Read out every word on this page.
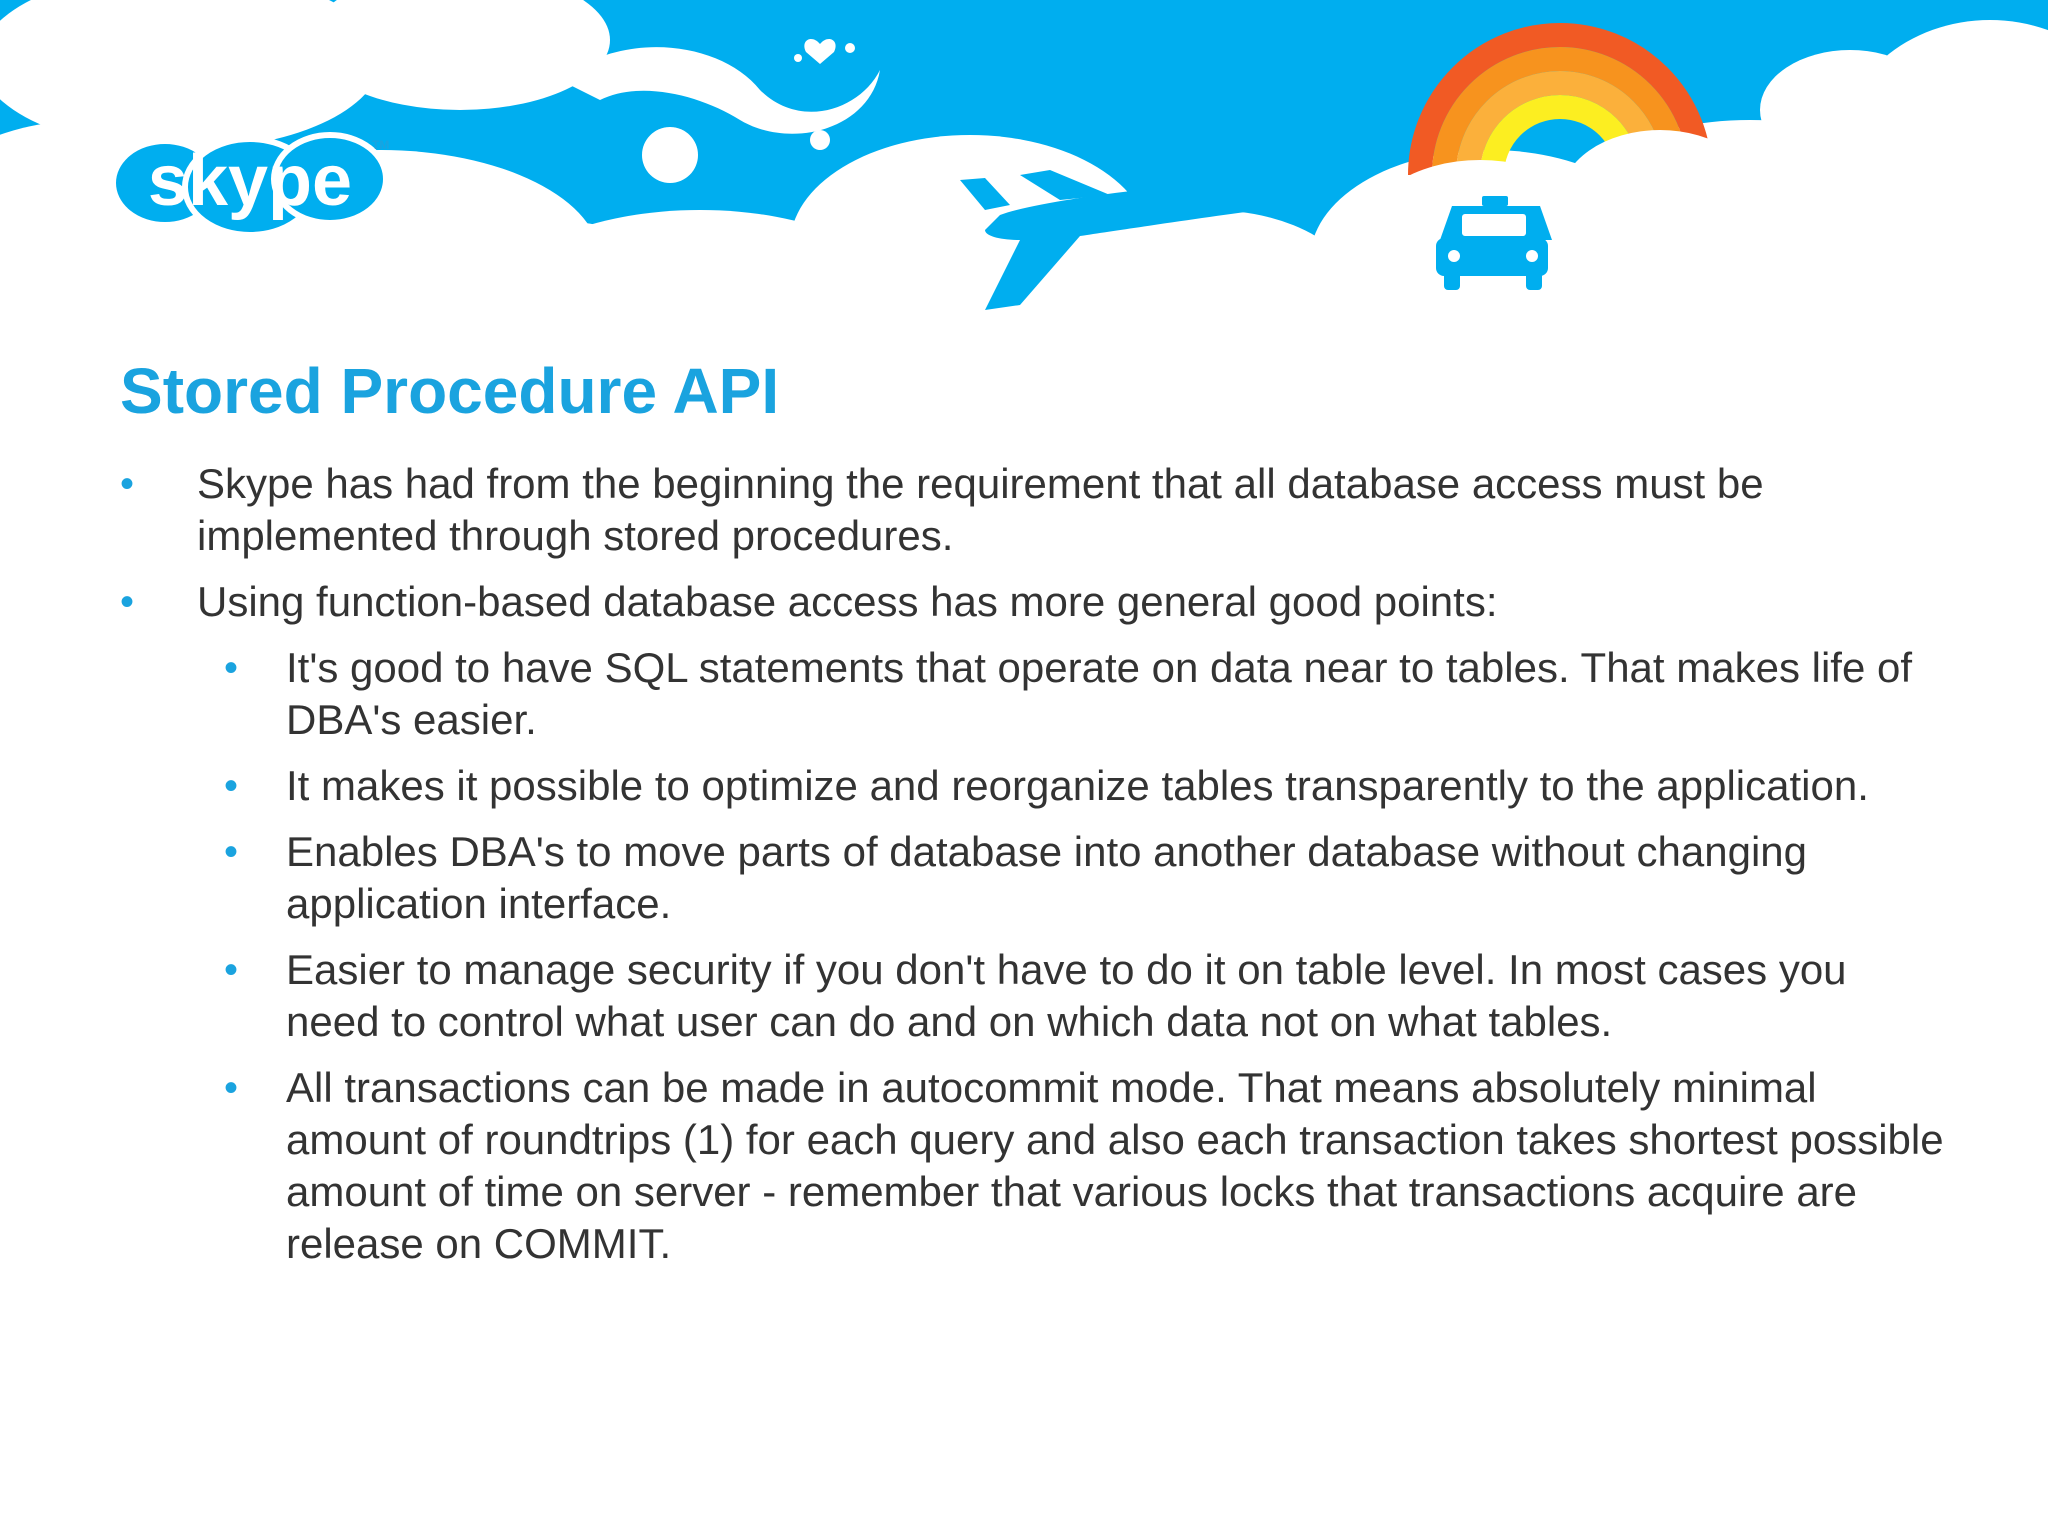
skype TM
Stored Procedure API
• Skype has had from the beginning the requirement that all database access must be implemented through stored procedures.
• Using function-based database access has more general good points:
• It's good to have SQL statements that operate on data near to tables. That makes life of DBA's easier.
• It makes it possible to optimize and reorganize tables transparently to the application.
• Enables DBA's to move parts of database into another database without changing application interface.
• Easier to manage security if you don't have to do it on table level. In most cases you need to control what user can do and on which data not on what tables.
• All transactions can be made in autocommit mode. That means absolutely minimal amount of roundtrips (1) for each query and also each transaction takes shortest possible amount of time on server - remember that various locks that transactions acquire are release on COMMIT.
